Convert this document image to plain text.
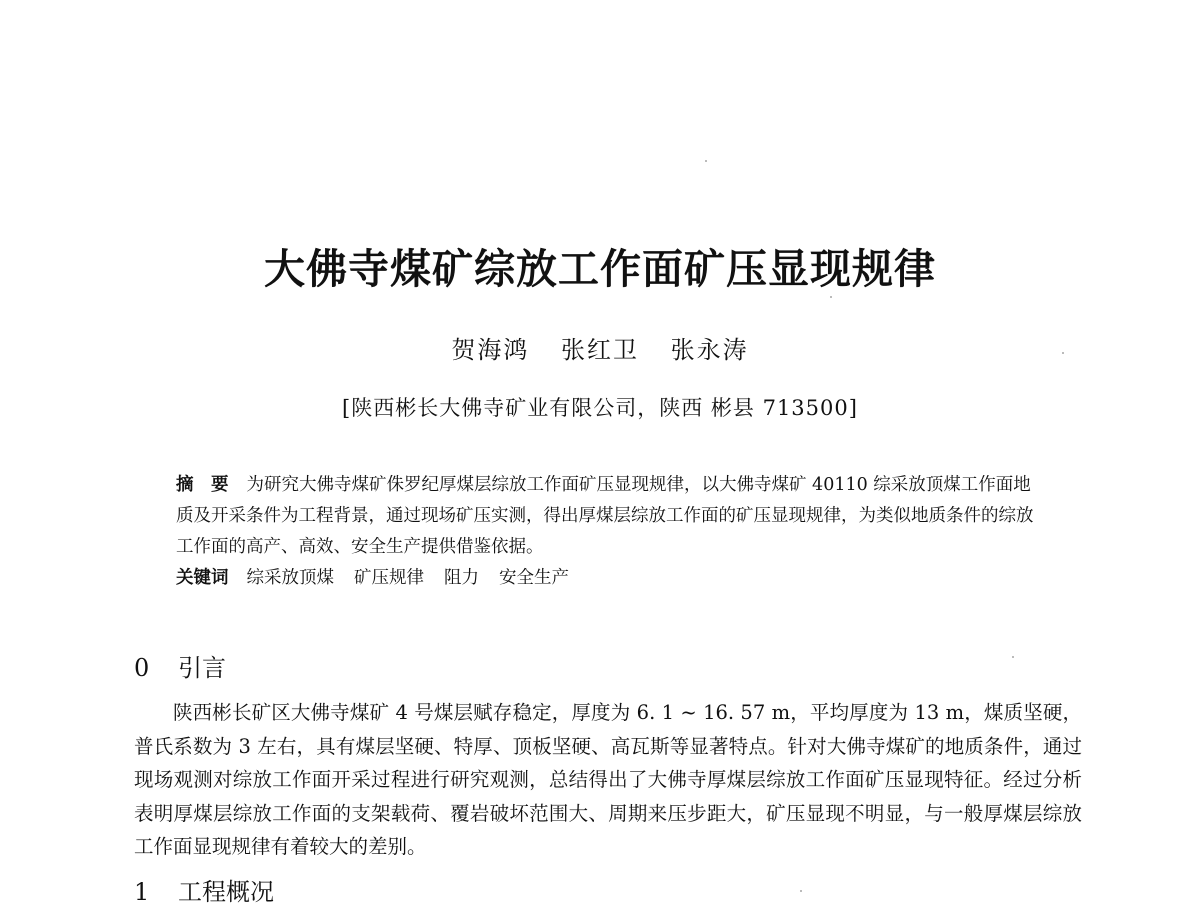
大佛寺煤矿综放工作面矿压显现规律
贺海鸿 张红卫 张永涛
[陕西彬长大佛寺矿业有限公司，陕西 彬县 713500]

摘　要 为研究大佛寺煤矿侏罗纪厚煤层综放工作面矿压显现规律，以大佛寺煤矿 40110 综采放顶煤工作面地质及开采条件为工程背景，通过现场矿压实测，得出厚煤层综放工作面的矿压显现规律，为类似地质条件的综放工作面的高产、高效、安全生产提供借鉴依据。

关键词 综采放顶煤 矿压规律 阻力 安全生产

0 引言

陕西彬长矿区大佛寺煤矿 4 号煤层赋存稳定，厚度为 6. 1 ~ 16. 57 m，平均厚度为 13 m，煤质坚硬，普氏系数为 3 左右，具有煤层坚硬、特厚、顶板坚硬、高瓦斯等显著特点。针对大佛寺煤矿的地质条件，通过现场观测对综放工作面开采过程进行研究观测，总结得出了大佛寺厚煤层综放工作面矿压显现特征。经过分析表明厚煤层综放工作面的支架载荷、覆岩破坏范围大、周期来压步距大，矿压显现不明显，与一般厚煤层综放工作面显现规律有着较大的差别。

1 工程概况
